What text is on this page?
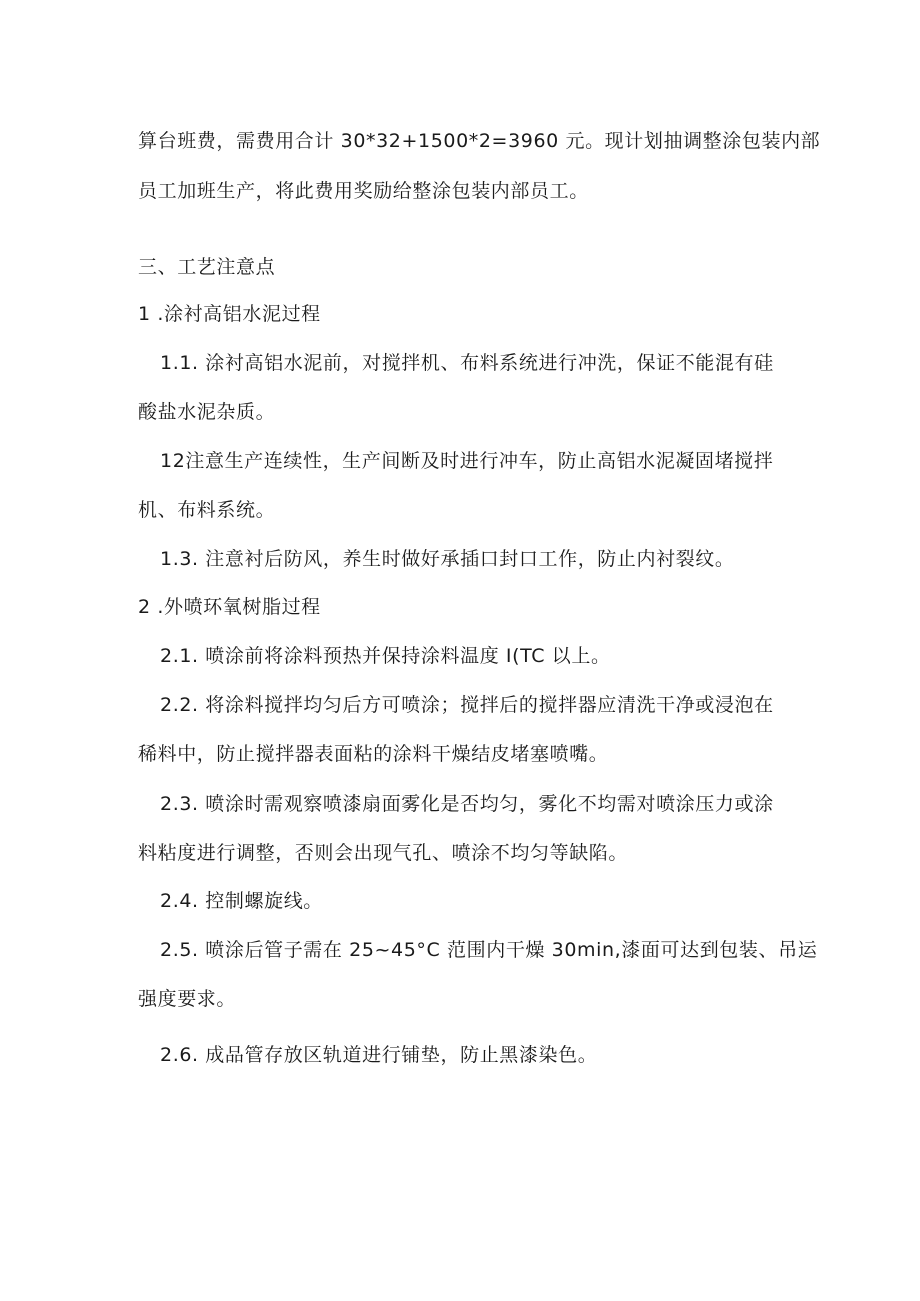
算台班费，需费用合计 30*32+1500*2=3960 元。现计划抽调整涂包装内部
员工加班生产，将此费用奖励给整涂包装内部员工。
三、工艺注意点
1 .涂衬高铝水泥过程
1.1. 涂衬高铝水泥前，对搅拌机、布料系统进行冲洗，保证不能混有硅
酸盐水泥杂质。
12注意生产连续性，生产间断及时进行冲车，防止高铝水泥凝固堵搅拌
机、布料系统。
1.3. 注意衬后防风，养生时做好承插口封口工作，防止内衬裂纹。
2 .外喷环氧树脂过程
2.1. 喷涂前将涂料预热并保持涂料温度 I(TC 以上。
2.2. 将涂料搅拌均匀后方可喷涂；搅拌后的搅拌器应清洗干净或浸泡在
稀料中，防止搅拌器表面粘的涂料干燥结皮堵塞喷嘴。
2.3. 喷涂时需观察喷漆扇面雾化是否均匀，雾化不均需对喷涂压力或涂
料粘度进行调整，否则会出现气孔、喷涂不均匀等缺陷。
2.4. 控制螺旋线。
2.5. 喷涂后管子需在 25~45°C 范围内干燥 30min,漆面可达到包装、吊运
强度要求。
2.6. 成品管存放区轨道进行铺垫，防止黑漆染色。
